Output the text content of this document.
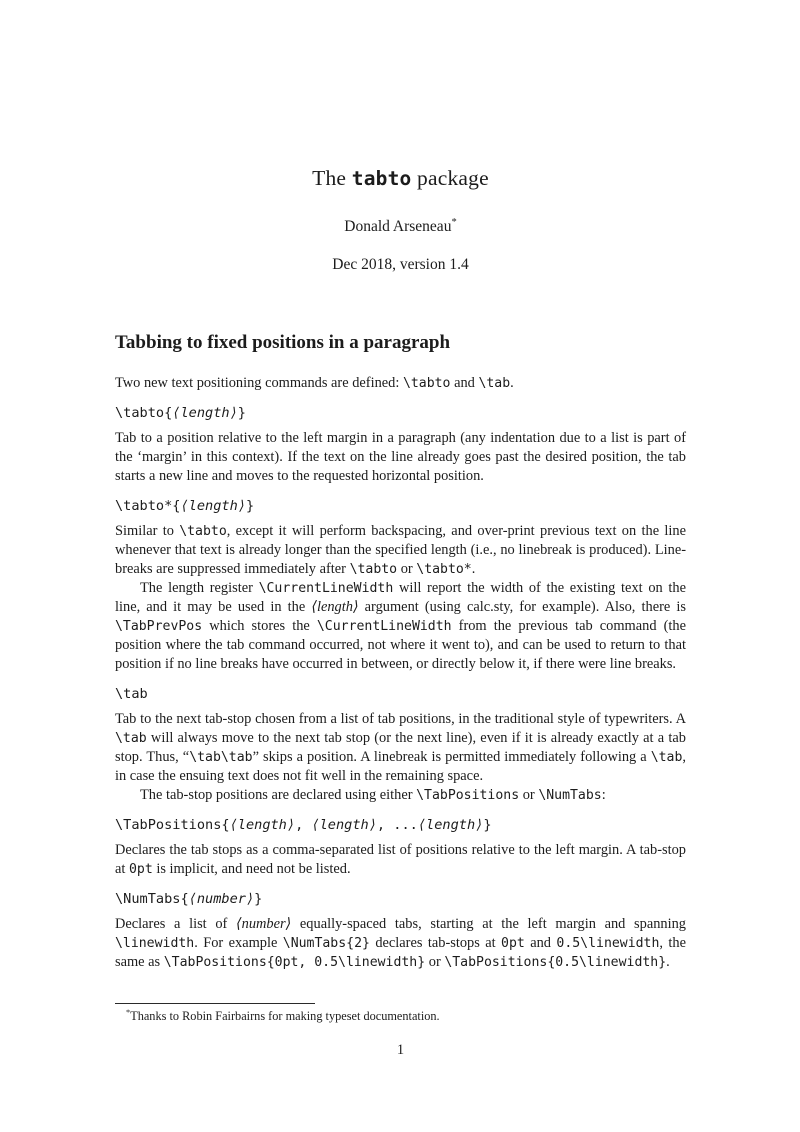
The tabto package
Donald Arseneau*
Dec 2018, version 1.4
Tabbing to fixed positions in a paragraph
Two new text positioning commands are defined: \tabto and \tab.
\tabto{⟨length⟩}
Tab to a position relative to the left margin in a paragraph (any indentation due to a list is part of the ‘margin’ in this context). If the text on the line already goes past the desired position, the tab starts a new line and moves to the requested horizontal position.
\tabto*{⟨length⟩}
Similar to \tabto, except it will perform backspacing, and over-print previous text on the line whenever that text is already longer than the specified length (i.e., no linebreak is produced). Line-breaks are suppressed immediately after \tabto or \tabto*.
The length register \CurrentLineWidth will report the width of the existing text on the line, and it may be used in the ⟨length⟩ argument (using calc.sty, for example). Also, there is \TabPrevPos which stores the \CurrentLineWidth from the previous tab command (the position where the tab command occurred, not where it went to), and can be used to return to that position if no line breaks have occurred in between, or directly below it, if there were line breaks.
\tab
Tab to the next tab-stop chosen from a list of tab positions, in the traditional style of typewriters. A \tab will always move to the next tab stop (or the next line), even if it is already exactly at a tab stop. Thus, “\tab\tab” skips a position. A linebreak is permitted immediately following a \tab, in case the ensuing text does not fit well in the remaining space.
The tab-stop positions are declared using either \TabPositions or \NumTabs:
\TabPositions{⟨length⟩, ⟨length⟩, ...⟨length⟩}
Declares the tab stops as a comma-separated list of positions relative to the left margin. A tab-stop at 0pt is implicit, and need not be listed.
\NumTabs{⟨number⟩}
Declares a list of ⟨number⟩ equally-spaced tabs, starting at the left margin and spanning \linewidth. For example \NumTabs{2} declares tab-stops at 0pt and 0.5\linewidth, the same as \TabPositions{0pt, 0.5\linewidth} or \TabPositions{0.5\linewidth}.
*Thanks to Robin Fairbairns for making typeset documentation.
1
